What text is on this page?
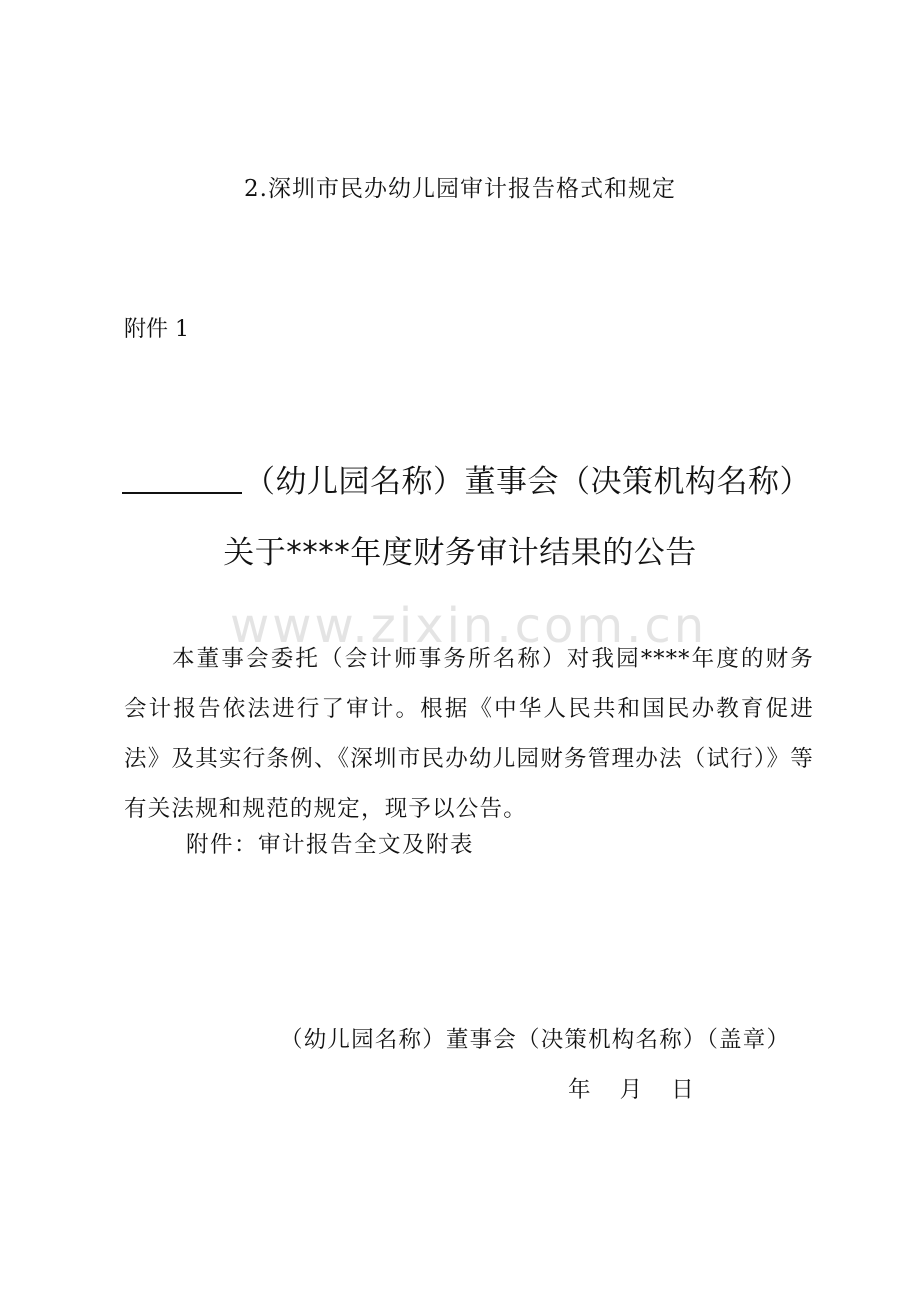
2.深圳市民办幼儿园审计报告格式和规定
附件 1
（幼儿园名称）董事会（决策机构名称）
关于****年度财务审计结果的公告
www.zixin.com.cn
本董事会委托（会计师事务所名称）对我园****年度的财务会计报告依法进行了审计。根据《中华人民共和国民办教育促进法》及其实行条例、《深圳市民办幼儿园财务管理办法（试行）》等有关法规和规范的规定，现予以公告。
附件：审计报告全文及附表
（幼儿园名称）董事会（决策机构名称）（盖章）
年 月 日
